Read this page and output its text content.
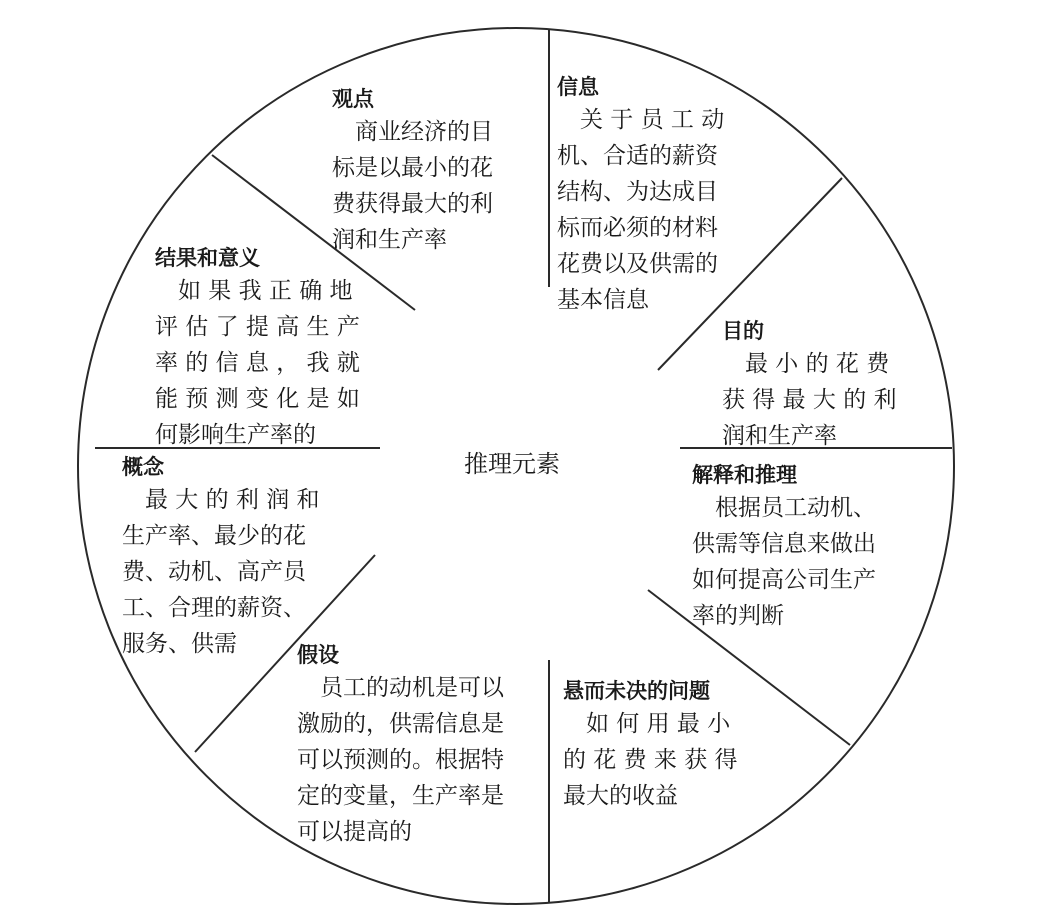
推理元素
观点
　商业经济的目
标是以最小的花
费获得最大的利
润和生产率
信息
　关 于 员 工 动
机、合适的薪资
结构、为达成目
标而必须的材料
花费以及供需的
基本信息
目的
　最 小 的 花 费
获 得 最 大 的 利
润和生产率
解释和推理
　根据员工动机、
供需等信息来做出
如何提高公司生产
率的判断
悬而未决的问题
　如 何 用 最 小
的 花 费 来 获 得
最大的收益
假设
　员工的动机是可以
激励的，供需信息是
可以预测的。根据特
定的变量，生产率是
可以提高的
概念
　最 大 的 利 润 和
生产率、最少的花
费、动机、高产员
工、合理的薪资、
服务、供需
结果和意义
　如 果 我 正 确 地
评 估 了 提 高 生 产
率 的 信 息 ， 我 就
能 预 测 变 化 是 如
何影响生产率的
